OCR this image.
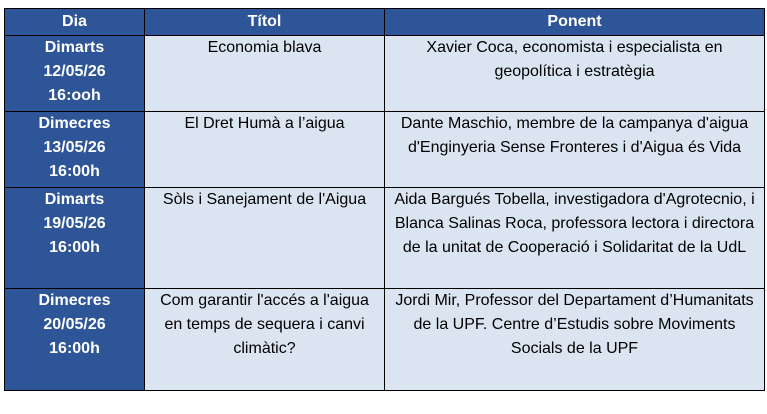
Dia	Títol	Ponent

Dimarts
12/05/26
16:ooh	Economia blava	Xavier Coca, economista i especialista en geopolítica i estratègia

Dimecres
13/05/26
16:00h	El Dret Humà a l’aigua	Dante Maschio, membre de la campanya d'aigua d'Enginyeria Sense Fronteres i d'Aigua és Vida

Dimarts
19/05/26
16:00h	Sòls i Sanejament de l'Aigua	Aida Bargués Tobella, investigadora d'Agrotecnio, i Blanca Salinas Roca, professora lectora i directora de la unitat de Cooperació i Solidaritat de la UdL

Dimecres
20/05/26
16:00h	Com garantir l'accés a l'aigua en temps de sequera i canvi climàtic?	Jordi Mir, Professor del Departament d’Humanitats de la UPF. Centre d’Estudis sobre Moviments Socials de la UPF
